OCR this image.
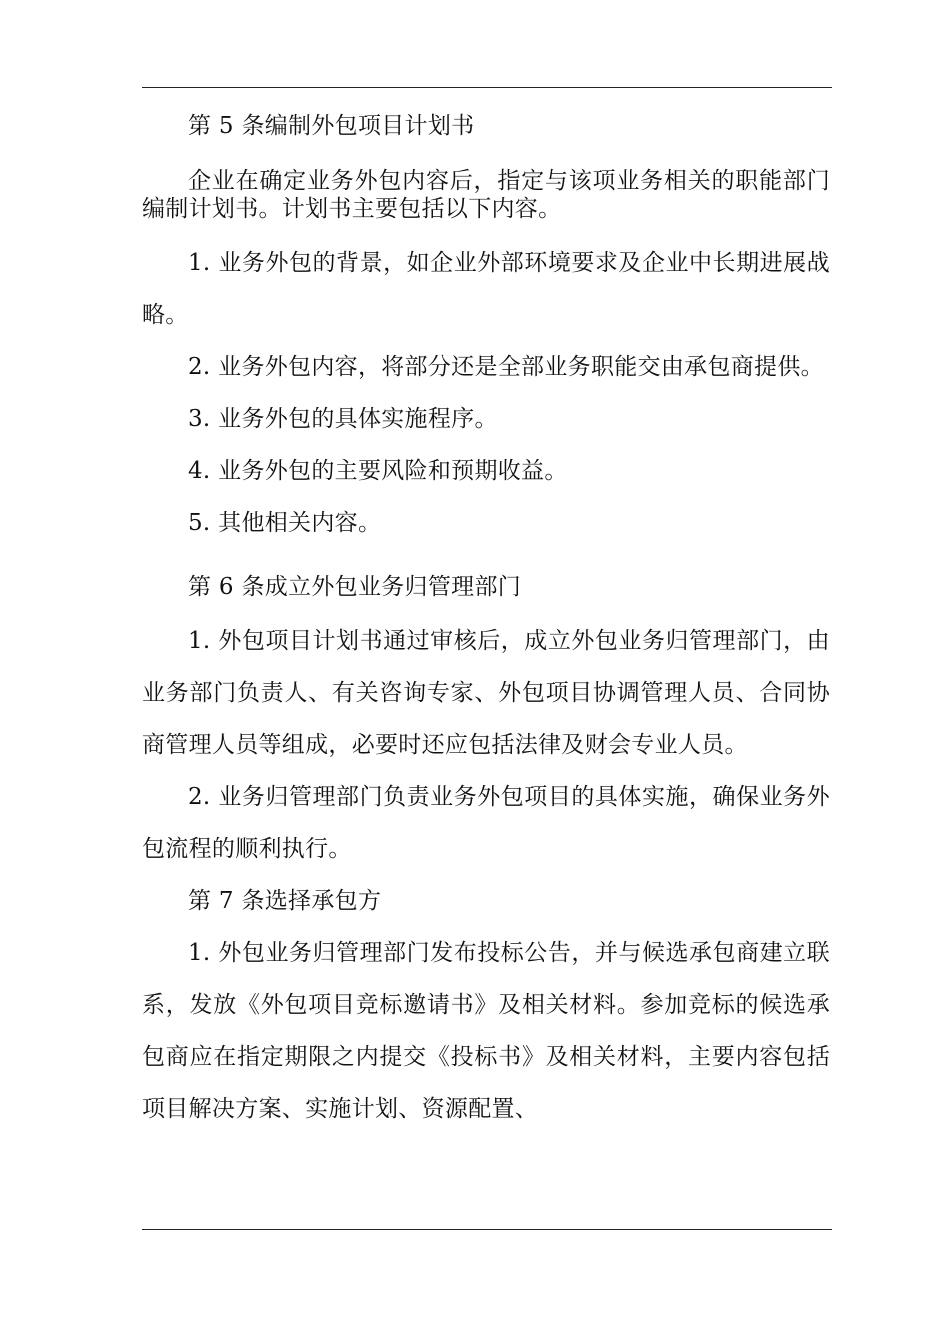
第 5 条编制外包项目计划书

企业在确定业务外包内容后，指定与该项业务相关的职能部门编制计划书。计划书主要包括以下内容。

1. 业务外包的背景，如企业外部环境要求及企业中长期进展战略。

2. 业务外包内容，将部分还是全部业务职能交由承包商提供。

3. 业务外包的具体实施程序。

4. 业务外包的主要风险和预期收益。

5. 其他相关内容。

第 6 条成立外包业务归管理部门

1. 外包项目计划书通过审核后，成立外包业务归管理部门，由业务部门负责人、有关咨询专家、外包项目协调管理人员、合同协商管理人员等组成，必要时还应包括法律及财会专业人员。

2. 业务归管理部门负责业务外包项目的具体实施，确保业务外包流程的顺利执行。

第 7 条选择承包方

1. 外包业务归管理部门发布投标公告，并与候选承包商建立联系，发放《外包项目竞标邀请书》及相关材料。参加竞标的候选承包商应在指定期限之内提交《投标书》及相关材料，主要内容包括项目解决方案、实施计划、资源配置、
